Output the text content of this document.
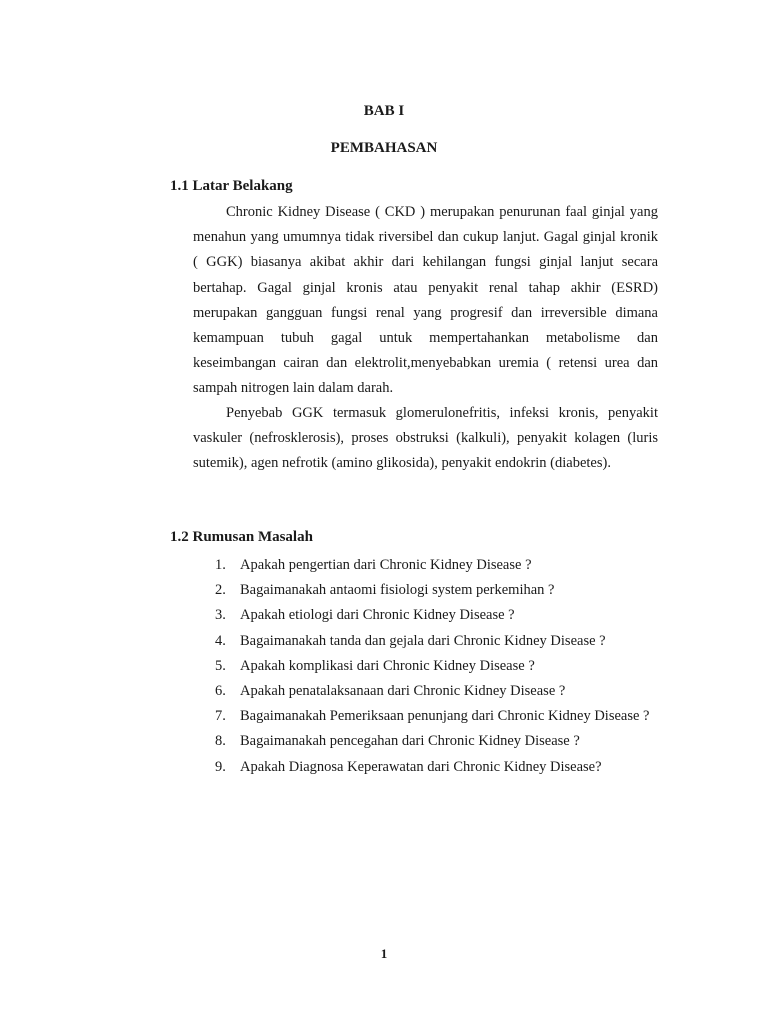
BAB I
PEMBAHASAN
1.1 Latar Belakang

Chronic Kidney Disease ( CKD ) merupakan penurunan faal ginjal yang menahun yang umumnya tidak riversibel dan cukup lanjut. Gagal ginjal kronik ( GGK) biasanya akibat akhir dari kehilangan fungsi ginjal lanjut secara bertahap. Gagal ginjal kronis atau penyakit renal tahap akhir (ESRD) merupakan gangguan fungsi renal yang progresif dan irreversible dimana kemampuan tubuh gagal untuk mempertahankan metabolisme dan keseimbangan cairan dan elektrolit,menyebabkan uremia ( retensi urea dan sampah nitrogen lain dalam darah.

Penyebab GGK termasuk glomerulonefritis, infeksi kronis, penyakit vaskuler (nefrosklerosis), proses obstruksi (kalkuli), penyakit kolagen (luris sutemik), agen nefrotik (amino glikosida), penyakit endokrin (diabetes).

1.2 Rumusan Masalah
1. Apakah pengertian dari Chronic Kidney Disease ?
2. Bagaimanakah antaomi fisiologi system perkemihan ?
3. Apakah etiologi dari Chronic Kidney Disease ?
4. Bagaimanakah tanda dan gejala dari Chronic Kidney Disease ?
5. Apakah komplikasi dari Chronic Kidney Disease ?
6. Apakah penatalaksanaan dari Chronic Kidney Disease ?
7. Bagaimanakah Pemeriksaan penunjang dari Chronic Kidney Disease ?
8. Bagaimanakah pencegahan dari Chronic Kidney Disease ?
9. Apakah Diagnosa Keperawatan dari Chronic Kidney Disease?
1
